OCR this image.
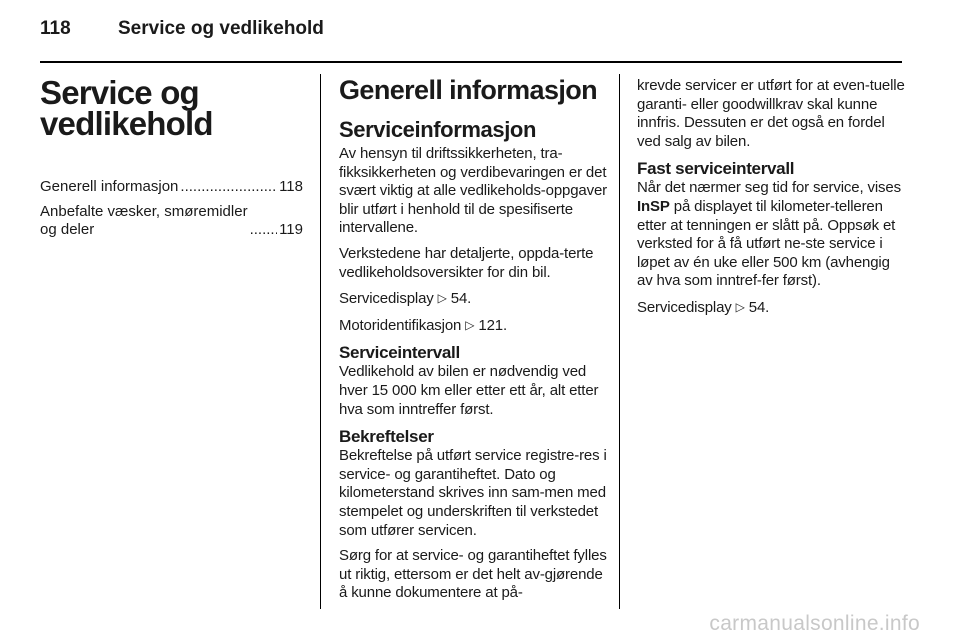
118 Service og vedlikehold
Service og
vedlikehold
Generell informasjon .....	118
Anbefalte væsker, smøremidler
og deler .....	119
Generell informasjon
Serviceinformasjon

Av hensyn til driftssikkerheten, tra-fikksikkerheten og verdibevaringen er det svært viktig at alle vedlikeholds-oppgaver blir utført i henhold til de spesifiserte intervallene.

Verkstedene har detaljerte, oppda-terte vedlikeholdsoversikter for din bil.

Servicedisplay ▷ 54.

Motoridentifikasjon ▷ 121.

Serviceintervall

Vedlikehold av bilen er nødvendig ved hver 15 000 km eller etter ett år, alt etter hva som inntreffer først.

Bekreftelser

Bekreftelse på utført service registre-res i service- og garantiheftet. Dato og kilometerstand skrives inn sam-men med stempelet og underskriften til verkstedet som utfører servicen.

Sørg for at service- og garantiheftet fylles ut riktig, ettersom er det helt av-gjørende å kunne dokumentere at på-

krevde servicer er utført for at even-tuelle garanti- eller goodwillkrav skal kunne innfris. Dessuten er det også en fordel ved salg av bilen.

Fast serviceintervall

Når det nærmer seg tid for service, vises InSP på displayet til kilometer-telleren etter at tenningen er slått på. Oppsøk et verksted for å få utført ne-ste service i løpet av én uke eller 500 km (avhengig av hva som inntref-fer først).

Servicedisplay ▷ 54.

carmanualsonline.info
